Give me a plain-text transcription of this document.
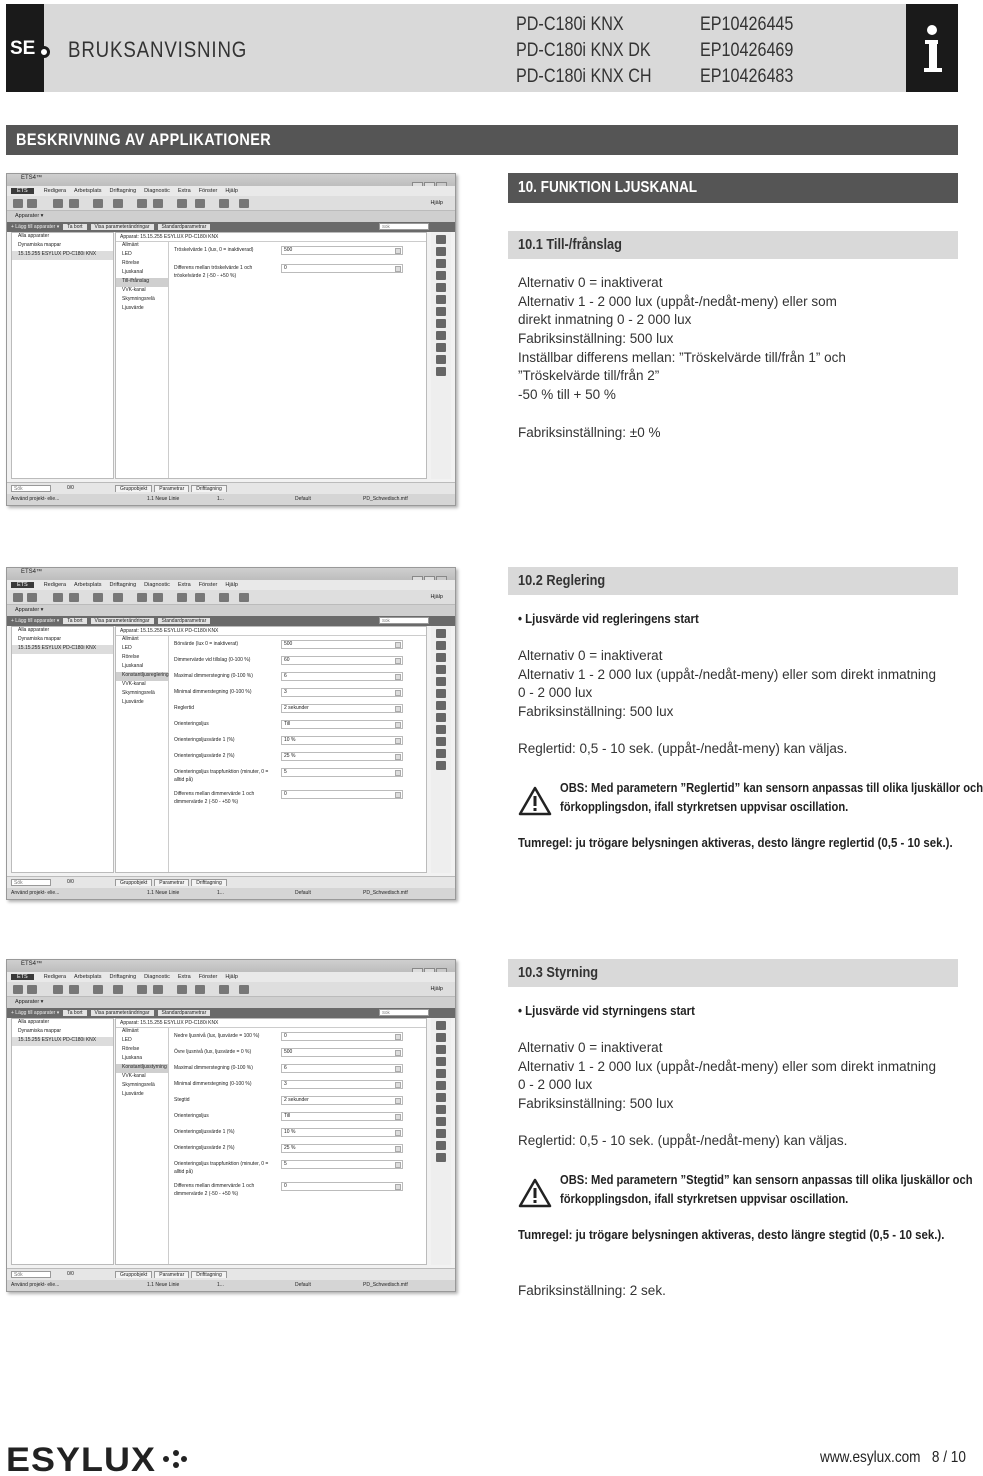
SE BRUKSANVISNING
PD-C180i KNX
PD-C180i KNX DK
PD-C180i KNX CH
EP10426445
EP10426469
EP10426483
BESKRIVNING AV APPLIKATIONER
10. FUNKTION LJUSKANAL
10.1 Till-/frånslag
Alternativ 0 = inaktiverat
Alternativ 1 - 2 000 lux (uppåt-/nedåt-meny) eller som
direkt inmatning 0 - 2 000 lux
Fabriksinställning: 500 lux
Inställbar differens mellan: ”Tröskelvärde till/från 1” och
”Tröskelvärde till/från 2”
-50 % till + 50 %
Fabriksinställning: ±0 %
10.2 Reglering
• Ljusvärde vid regleringens start
Alternativ 0 = inaktiverat
Alternativ 1 - 2 000 lux (uppåt-/nedåt-meny) eller som direkt inmatning
0 - 2 000 lux
Fabriksinställning: 500 lux
Reglertid: 0,5 - 10 sek. (uppåt-/nedåt-meny) kan väljas.
OBS: Med parametern ”Reglertid” kan sensorn anpassas till olika ljuskällor och
förkopplingsdon, ifall styrkretsen uppvisar oscillation.
Tumregel: ju trögare belysningen aktiveras, desto längre reglertid (0,5 - 10 sek.).
10.3 Styrning
• Ljusvärde vid styrningens start
Alternativ 0 = inaktiverat
Alternativ 1 - 2 000 lux (uppåt-/nedåt-meny) eller som direkt inmatning
0 - 2 000 lux
Fabriksinställning: 500 lux
Reglertid: 0,5 - 10 sek. (uppåt-/nedåt-meny) kan väljas.
OBS: Med parametern ”Stegtid” kan sensorn anpassas till olika ljuskällor och
förkopplingsdon, ifall styrkretsen uppvisar oscillation.
Tumregel: ju trögare belysningen aktiveras, desto längre stegtid (0,5 - 10 sek.).
Fabriksinställning: 2 sek.
ETS4™
ETS	Redigera Arbetsplats Driftagning Diagnostic Extra Fönster Hjälp
Hjälp
Apparater ▾
+ Lägg till apparater ▾ Ta bort Visa parameterändringar Standardparametrar	Sök
Alla apparater
Dynamiska mappar
15.15.255 ESYLUX PD-C180i KNX
Apparat: 15.15.255 ESYLUX PD-C180i KNX
Allmänt
LED
Rörelse
Ljuskanal
Till-/frånslag
VVK-kanal
Skymningsrelä
Ljusvärde
Tröskelvärde 1 (lux, 0 = inaktiverad)	500
Differens mellan tröskelvärde 1 och
tröskelvärde 2 (-50 - +50 %)
0
Sök	0/0	Gruppobjekt Parametrar Drifttagning
Använd projekt- elie...	1.1 Neue Linie	1...	Default	PD_Schwedisch.mtf
ETS4™
ETS	Redigera Arbetsplats Driftagning Diagnostic Extra Fönster Hjälp
Hjälp
Apparater ▾
+ Lägg till apparater ▾ Ta bort Visa parameterändringar Standardparametrar	Sök
Alla apparater
Dynamiska mappar
15.15.255 ESYLUX PD-C180i KNX
Apparat: 15.15.255 ESYLUX PD-C180i KNX
Allmänt
LED
Rörelse
Ljuskanal
Konstantljusreglering
VVK-kanal
Skymningsrelä
Ljusvärde
Börvärde (lux 0 = inaktiverat)	500
Dimmervärde vid tillslag (0-100 %)	60
Maximal dimmerstegning (0-100 %)	6
Minimal dimmerstegning (0-100 %)	3
Reglertid	2 sekunder
Orienteringsljus	Till
Orienteringsljusvärde 1 (%)	10 %
Orienteringsljusvärde 2 (%)	25 %
Orienteringsljus trappfunktion (minuter, 0 =
alltid på)
5
Differens mellan dimmervärde 1 och
dimmervärde 2 (-50 - +50 %)
0
Sök	0/0	Gruppobjekt Parametrar Drifttagning
Använd projekt- elie...	1.1 Neue Linie	1...	Default	PD_Schwedisch.mtf
ETS4™
ETS	Redigera Arbetsplats Driftagning Diagnostic Extra Fönster Hjälp
Hjälp
Apparater ▾
+ Lägg till apparater ▾ Ta bort Visa parameterändringar Standardparametrar	Sök
Alla apparater
Dynamiska mappar
15.15.255 ESYLUX PD-C180i KNX
Apparat: 15.15.255 ESYLUX PD-C180i KNX
Allmänt
LED
Rörelse
Ljuskana
Konstantljusstyrning
VVK-kanal
Skymningsrelä
Ljusvärde
Nedre ljusnivå (lux, ljusvärde = 100 %)	0
Övre ljusnivå (lux, ljusvärde = 0 %)	500
Maximal dimmerstegning (0-100 %)	6
Minimal dimmerstegning (0-100 %)	3
Stegtid	2 sekunder
Orienteringsljus	Till
Orienteringsljusvärde 1 (%)	10 %
Orienteringsljusvärde 2 (%)	25 %
Orienteringsljus trappfunktion (minuter, 0 =
alltid på)
5
Differens mellan dimmervärde 1 och
dimmervärde 2 (-50 - +50 %)
0
Sök	0/0	Gruppobjekt Parametrar Drifttagning
Använd projekt- elie...	1.1 Neue Linie	1...	Default	PD_Schwedisch.mtf
ESYLUX	www.esylux.com 8 / 10
